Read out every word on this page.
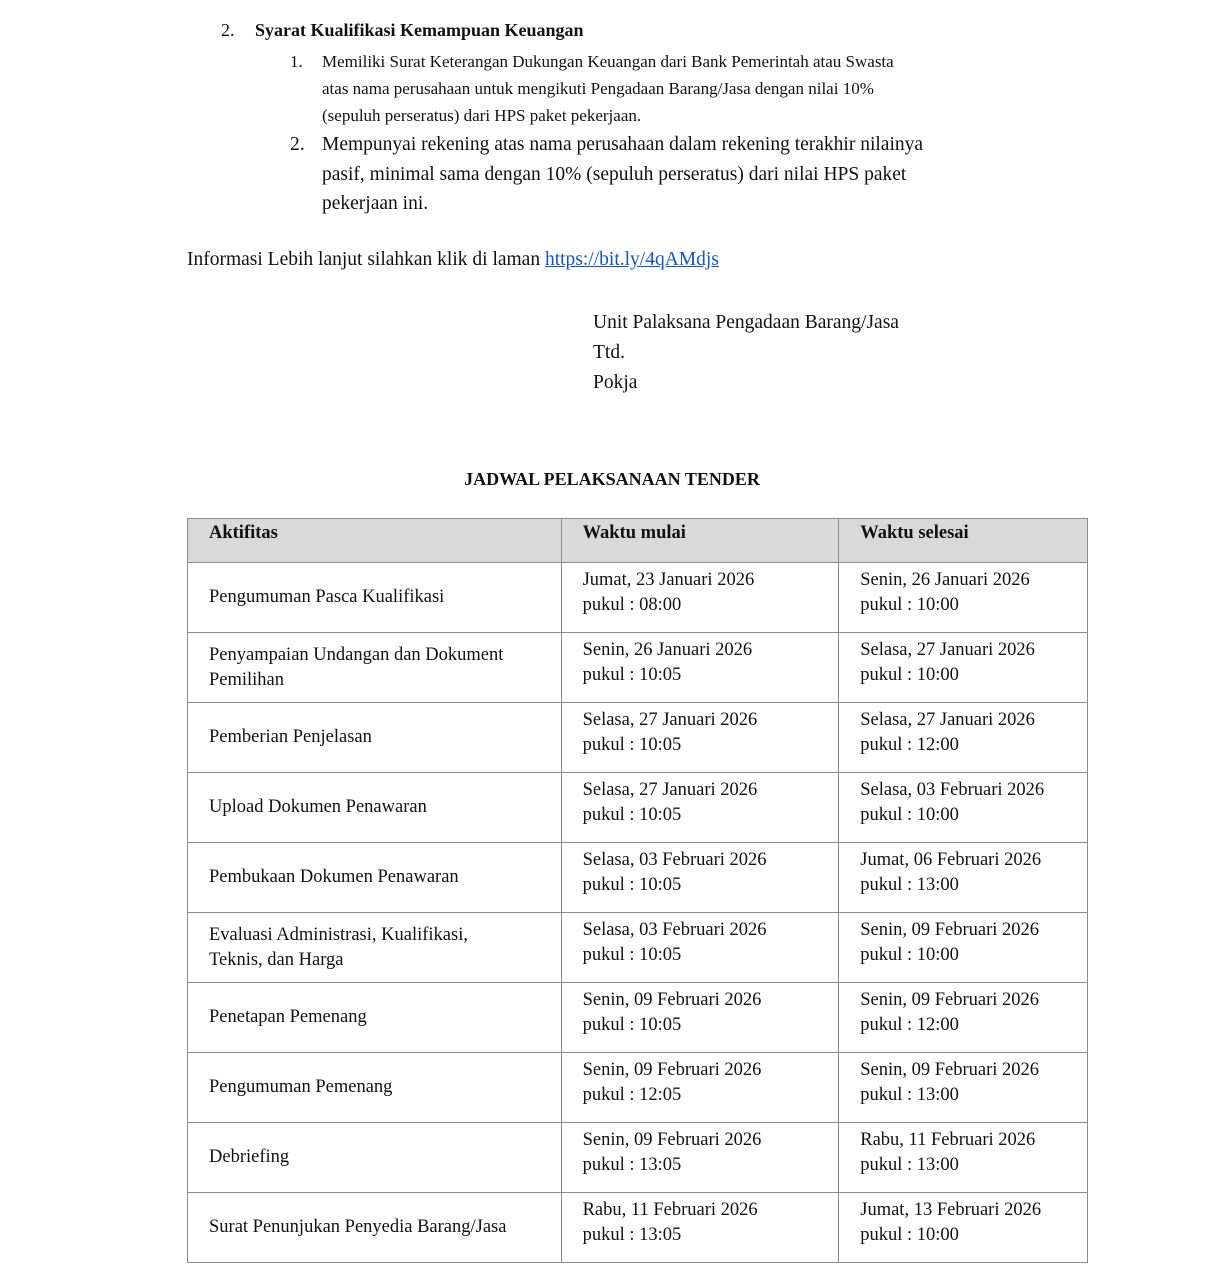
2. Syarat Kualifikasi Kemampuan Keuangan
1. Memiliki Surat Keterangan Dukungan Keuangan dari Bank Pemerintah atau Swasta
atas nama perusahaan untuk mengikuti Pengadaan Barang/Jasa dengan nilai 10%
(sepuluh perseratus) dari HPS paket pekerjaan.
2. Mempunyai rekening atas nama perusahaan dalam rekening terakhir nilainya
pasif, minimal sama dengan 10% (sepuluh perseratus) dari nilai HPS paket
pekerjaan ini.
Informasi Lebih lanjut silahkan klik di laman https://bit.ly/4qAMdjs
Unit Palaksana Pengadaan Barang/Jasa
Ttd.
Pokja
JADWAL PELAKSANAAN TENDER
Aktifitas	Waktu mulai	Waktu selesai

Pengumuman Pasca Kualifikasi	Jumat, 23 Januari 2026
pukul : 08:00	Senin, 26 Januari 2026
pukul : 10:00

Penyampaian Undangan dan Dokument
Pemilihan	Senin, 26 Januari 2026
pukul : 10:05	Selasa, 27 Januari 2026
pukul : 10:00

Pemberian Penjelasan	Selasa, 27 Januari 2026
pukul : 10:05	Selasa, 27 Januari 2026
pukul : 12:00

Upload Dokumen Penawaran	Selasa, 27 Januari 2026
pukul : 10:05	Selasa, 03 Februari 2026
pukul : 10:00

Pembukaan Dokumen Penawaran	Selasa, 03 Februari 2026
pukul : 10:05	Jumat, 06 Februari 2026
pukul : 13:00

Evaluasi Administrasi, Kualifikasi,
Teknis, dan Harga	Selasa, 03 Februari 2026
pukul : 10:05	Senin, 09 Februari 2026
pukul : 10:00

Penetapan Pemenang	Senin, 09 Februari 2026
pukul : 10:05	Senin, 09 Februari 2026
pukul : 12:00

Pengumuman Pemenang	Senin, 09 Februari 2026
pukul : 12:05	Senin, 09 Februari 2026
pukul : 13:00

Debriefing	Senin, 09 Februari 2026
pukul : 13:05	Rabu, 11 Februari 2026
pukul : 13:00

Surat Penunjukan Penyedia Barang/Jasa	Rabu, 11 Februari 2026
pukul : 13:05	Jumat, 13 Februari 2026
pukul : 10:00
